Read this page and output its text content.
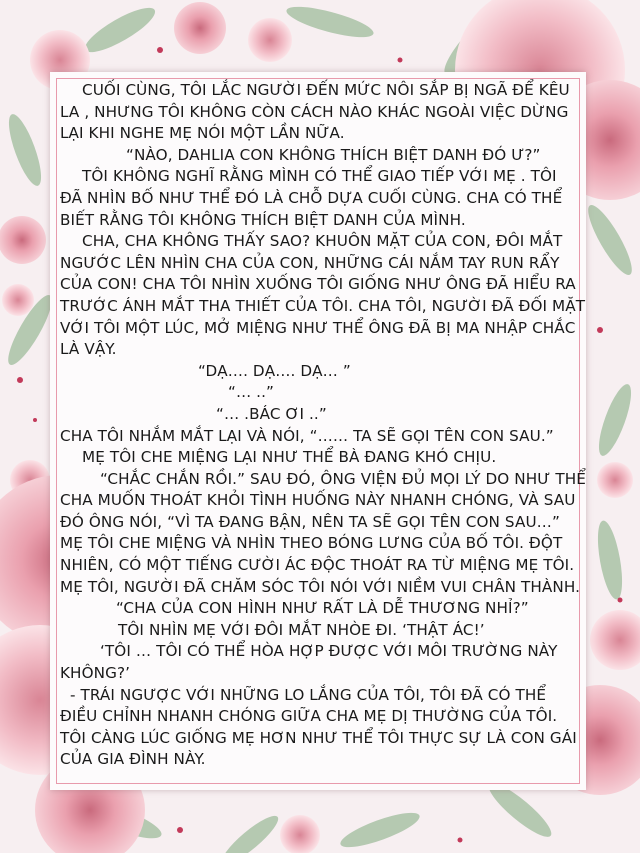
CUỐI CÙNG, TÔI LẮC NGƯỜI ĐẾN MỨC NÔI SẮP BỊ NGÃ ĐỂ KÊU

LA , NHƯNG TÔI KHÔNG CÒN CÁCH NÀO KHÁC NGOÀI VIỆC DỪNG

LẠI KHI NGHE MẸ NÓI MỘT LẦN NỮA.

“NÀO, DAHLIA CON KHÔNG THÍCH BIỆT DANH ĐÓ Ư?”

TÔI KHÔNG NGHĨ RẰNG MÌNH CÓ THỂ GIAO TIẾP VỚI MẸ . TÔI

ĐÃ NHÌN BỐ NHƯ THỂ ĐÓ LÀ CHỖ DỰA CUỐI CÙNG. CHA CÓ THỂ

BIẾT RẰNG TÔI KHÔNG THÍCH BIỆT DANH CỦA MÌNH.

CHA, CHA KHÔNG THẤY SAO? KHUÔN MẶT CỦA CON, ĐÔI MẮT

NGƯỚC LÊN NHÌN CHA CỦA CON, NHỮNG CÁI NẮM TAY RUN RẨY

CỦA CON! CHA TÔI NHÌN XUỐNG TÔI GIỐNG NHƯ ÔNG ĐÃ HIỂU RA

TRƯỚC ÁNH MẮT THA THIẾT CỦA TÔI. CHA TÔI, NGƯỜI ĐÃ ĐỐI MẶT

VỚI TÔI MỘT LÚC, MỞ MIỆNG NHƯ THỂ ÔNG ĐÃ BỊ MA NHẬP CHẮC

LÀ VẬY.

“DẠ…. DẠ…. DẠ… ”

“… ..”

“… .BÁC ƠI ..”

CHA TÔI NHẮM MẮT LẠI VÀ NÓI, “…… TA SẼ GỌI TÊN CON SAU.”

MẸ TÔI CHE MIỆNG LẠI NHƯ THỂ BÀ ĐANG KHÓ CHỊU.

“CHẮC CHẮN RỒI.” SAU ĐÓ, ÔNG VIỆN ĐỦ MỌI LÝ DO NHƯ THỂ

CHA MUỐN THOÁT KHỎI TÌNH HUỐNG NÀY NHANH CHÓNG, VÀ SAU

ĐÓ ÔNG NÓI, “VÌ TA ĐANG BẬN, NÊN TA SẼ GỌI TÊN CON SAU…”

MẸ TÔI CHE MIỆNG VÀ NHÌN THEO BÓNG LƯNG CỦA BỐ TÔI. ĐỘT

NHIÊN, CÓ MỘT TIẾNG CƯỜI ÁC ĐỘC THOÁT RA TỪ MIỆNG MẸ TÔI.

MẸ TÔI, NGƯỜI ĐÃ CHĂM SÓC TÔI NÓI VỚI NIỀM VUI CHÂN THÀNH.

“CHA CỦA CON HÌNH NHƯ RẤT LÀ DỄ THƯƠNG NHỈ?”

TÔI NHÌN MẸ VỚI ĐÔI MẮT NHÒE ĐI. ‘THẬT ÁC!’

‘TÔI … TÔI CÓ THỂ HÒA HỢP ĐƯỢC VỚI MÔI TRƯỜNG NÀY

KHÔNG?’

- TRÁI NGƯỢC VỚI NHỮNG LO LẮNG CỦA TÔI, TÔI ĐÃ CÓ THỂ

ĐIỀU CHỈNH NHANH CHÓNG GIỮA CHA MẸ DỊ THƯỜNG CỦA TÔI.

TÔI CÀNG LÚC GIỐNG MẸ HƠN NHƯ THỂ TÔI THỰC SỰ LÀ CON GÁI

CỦA GIA ĐÌNH NÀY.
